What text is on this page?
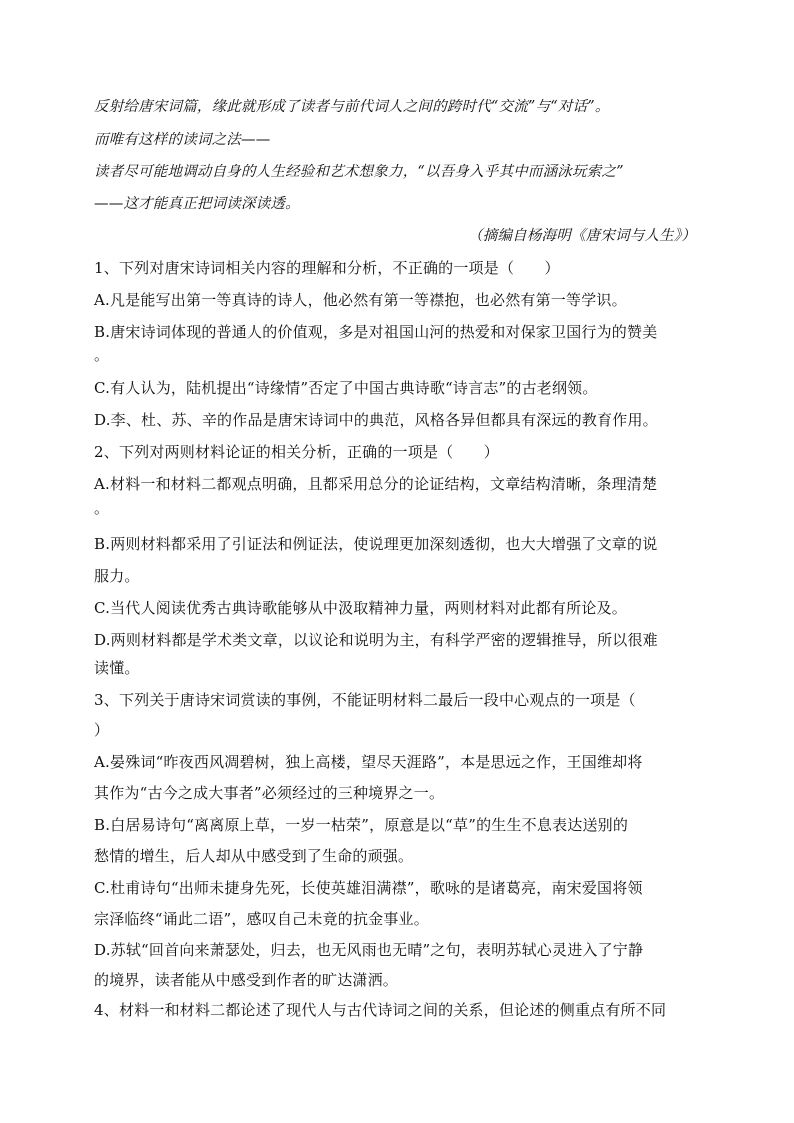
反射给唐宋词篇，缘此就形成了读者与前代词人之间的跨时代“交流”与“对话”。
而唯有这样的读词之法——
读者尽可能地调动自身的人生经验和艺术想象力，“以吾身入乎其中而涵泳玩索之”
——这才能真正把词读深读透。
（摘编自杨海明《唐宋词与人生》）
1、下列对唐宋诗词相关内容的理解和分析，不正确的一项是（　　）
A.凡是能写出第一等真诗的诗人，他必然有第一等襟抱，也必然有第一等学识。
B.唐宋诗词体现的普通人的价值观，多是对祖国山河的热爱和对保家卫国行为的赞美
。
C.有人认为，陆机提出“诗缘情”否定了中国古典诗歌“诗言志”的古老纲领。
D.李、杜、苏、辛的作品是唐宋诗词中的典范，风格各异但都具有深远的教育作用。
2、下列对两则材料论证的相关分析，正确的一项是（　　）
A.材料一和材料二都观点明确，且都采用总分的论证结构，文章结构清晰，条理清楚
。
B.两则材料都采用了引证法和例证法，使说理更加深刻透彻，也大大增强了文章的说
服力。
C.当代人阅读优秀古典诗歌能够从中汲取精神力量，两则材料对此都有所论及。
D.两则材料都是学术类文章，以议论和说明为主，有科学严密的逻辑推导，所以很难
读懂。
3、下列关于唐诗宋词赏读的事例，不能证明材料二最后一段中心观点的一项是（
）
A.晏殊词“昨夜西风凋碧树，独上高楼，望尽天涯路”，本是思远之作，王国维却将
其作为“古今之成大事者”必须经过的三种境界之一。
B.白居易诗句“离离原上草，一岁一枯荣”，原意是以“草”的生生不息表达送别的
愁情的增生，后人却从中感受到了生命的顽强。
C.杜甫诗句“出师未捷身先死，长使英雄泪满襟”，歌咏的是诸葛亮，南宋爱国将领
宗泽临终“诵此二语”，感叹自己未竟的抗金事业。
D.苏轼“回首向来萧瑟处，归去，也无风雨也无晴”之句，表明苏轼心灵进入了宁静
的境界，读者能从中感受到作者的旷达潇洒。
4、材料一和材料二都论述了现代人与古代诗词之间的关系，但论述的侧重点有所不同
